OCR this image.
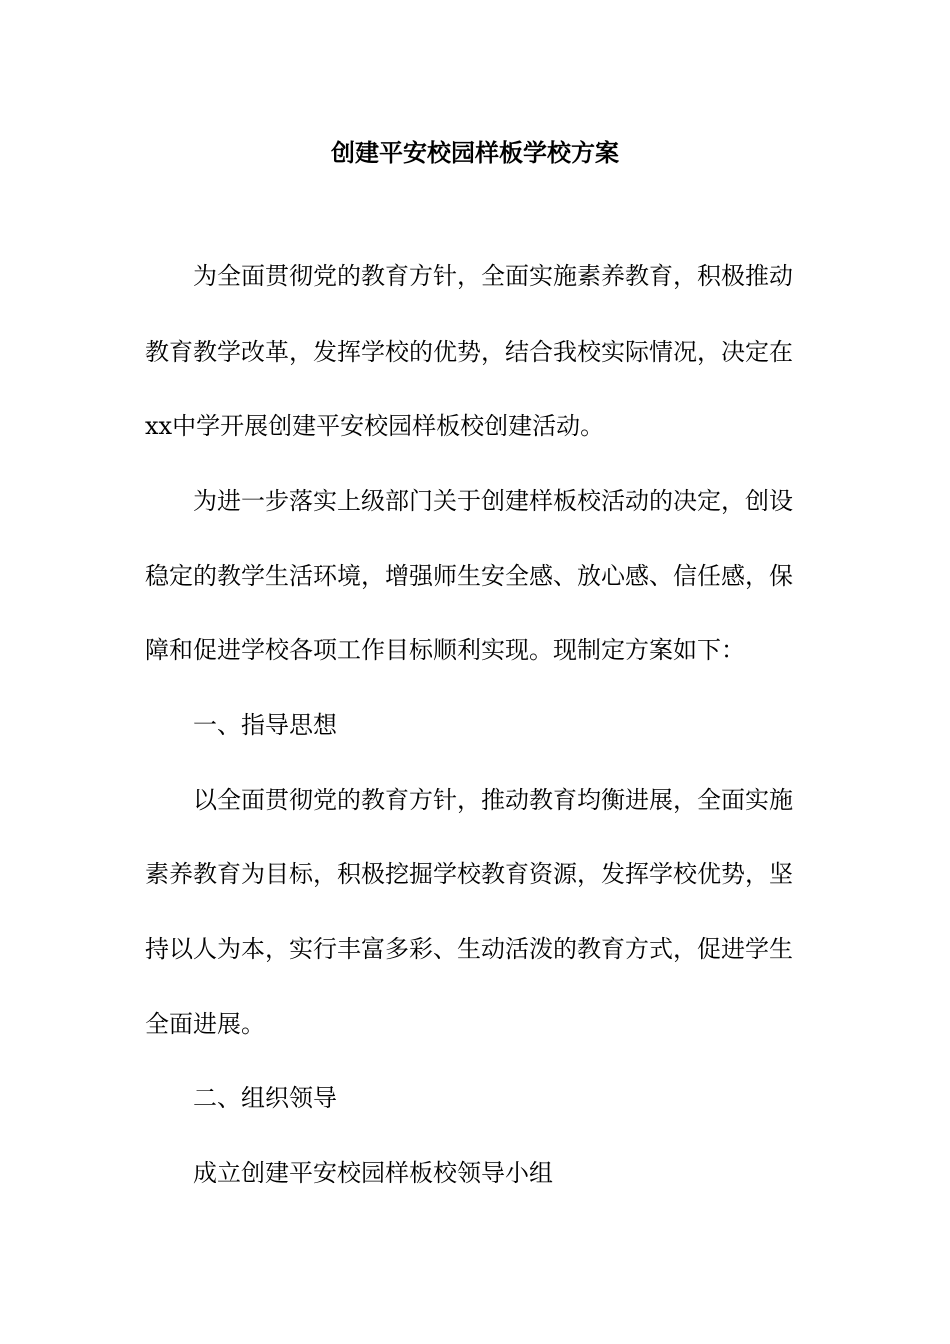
创建平安校园样板学校方案
为全面贯彻党的教育方针，全面实施素养教育，积极推动
教育教学改革，发挥学校的优势，结合我校实际情况，决定在
xx中学开展创建平安校园样板校创建活动。
为进一步落实上级部门关于创建样板校活动的决定，创设
稳定的教学生活环境，增强师生安全感、放心感、信任感，保
障和促进学校各项工作目标顺利实现。现制定方案如下：
一、指导思想
以全面贯彻党的教育方针，推动教育均衡进展，全面实施
素养教育为目标，积极挖掘学校教育资源，发挥学校优势，坚
持以人为本，实行丰富多彩、生动活泼的教育方式，促进学生
全面进展。
二、组织领导
成立创建平安校园样板校领导小组
